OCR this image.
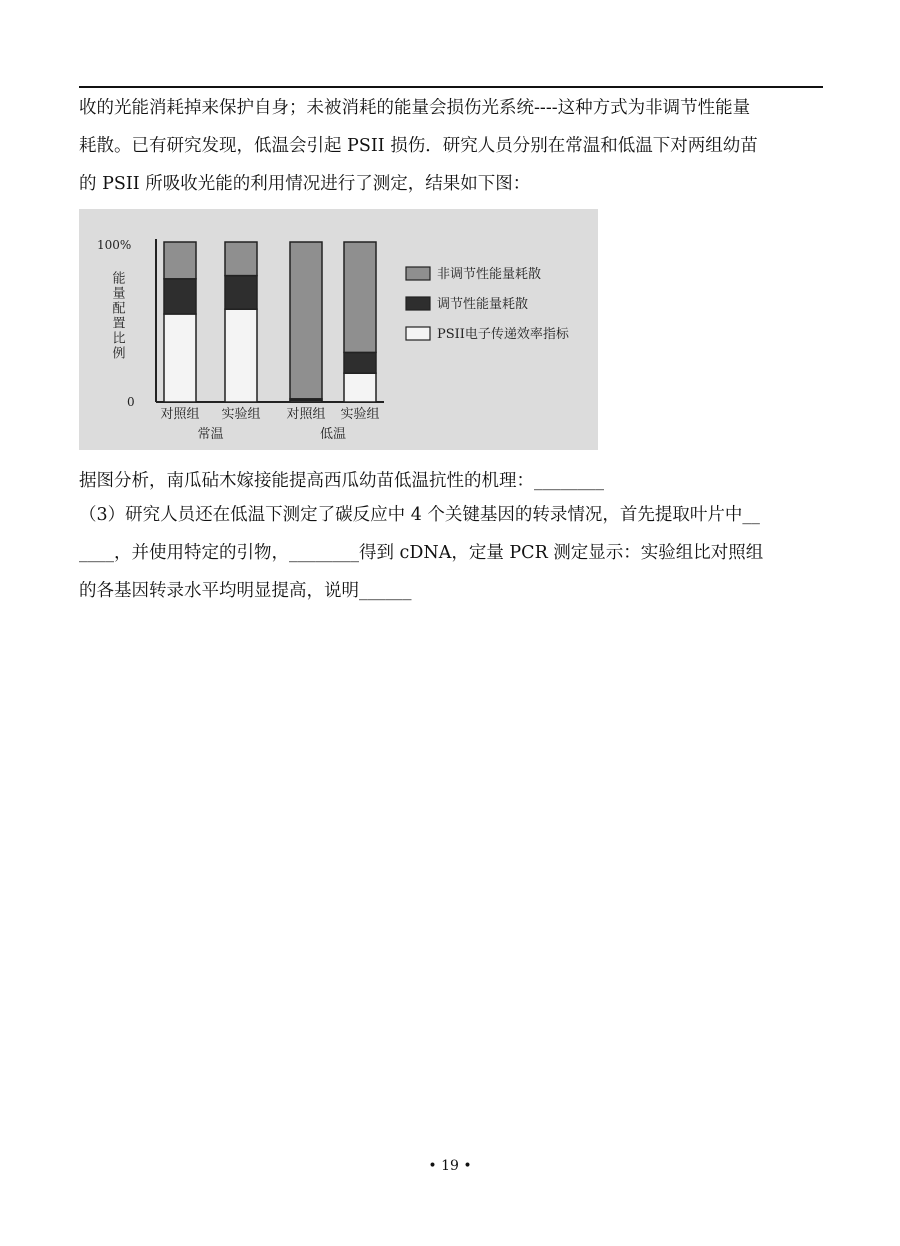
收的光能消耗掉来保护自身；未被消耗的能量会损伤光系统----这种方式为非调节性能量
耗散。已有研究发现，低温会引起 PSII 损伤．研究人员分别在常温和低温下对两组幼苗
的 PSII 所吸收光能的利用情况进行了测定，结果如下图：
100%
0
能量配置比例
对照组 实验组 对照组 实验组
常温	低温
非调节性能量耗散
调节性能量耗散
PSII电子传递效率指标
据图分析，南瓜砧木嫁接能提高西瓜幼苗低温抗性的机理：________
（3）研究人员还在低温下测定了碳反应中 4 个关键基因的转录情况，首先提取叶片中__
____，并使用特定的引物，________得到 cDNA，定量 PCR 测定显示：实验组比对照组
的各基因转录水平均明显提高，说明______
• 19 •
